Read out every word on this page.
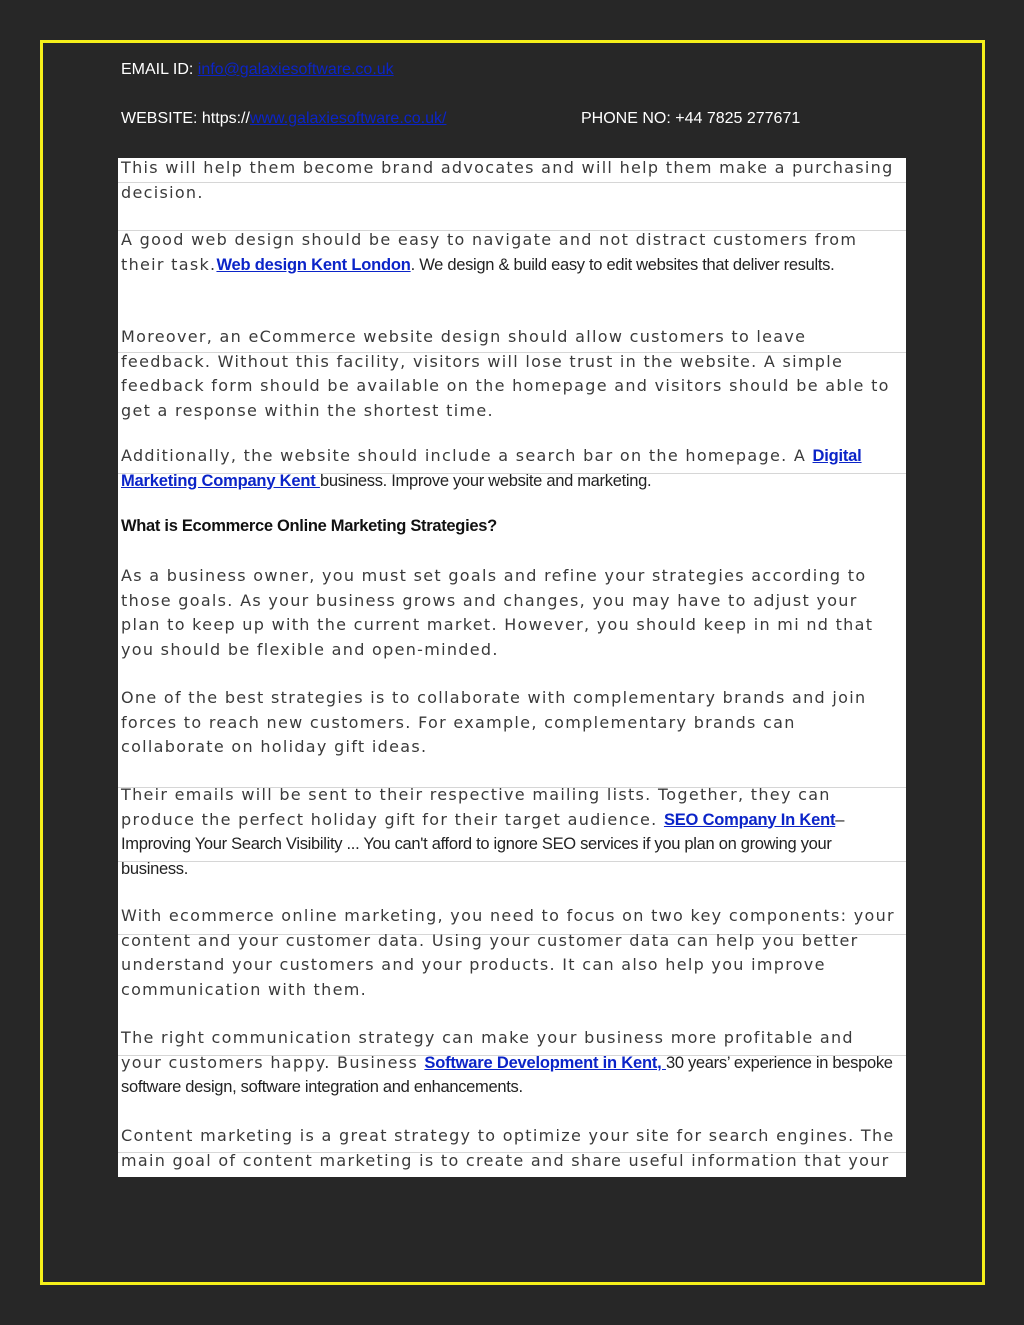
EMAIL ID: info@galaxiesoftware.co.uk
WEBSITE: https://www.galaxiesoftware.co.uk/	PHONE NO: +44 7825 277671

This will help them become brand advocates and will help them make a purchasing decision.

A good web design should be easy to navigate and not distract customers from their task.Web design Kent London. We design & build easy to edit websites that deliver results.

Moreover, an eCommerce website design should allow customers to leave feedback. Without this facility, visitors will lose trust in the website. A simple feedback form should be available on the homepage and visitors should be able to get a response within the shortest time.

Additionally, the website should include a search bar on the homepage. A Digital Marketing Company Kent business. Improve your website and marketing.

What is Ecommerce Online Marketing Strategies?

As a business owner, you must set goals and refine your strategies according to those goals. As your business grows and changes, you may have to adjust your plan to keep up with the current market. However, you should keep in mi nd that you should be flexible and open-minded.

One of the best strategies is to collaborate with complementary brands and join forces to reach new customers. For example, complementary brands can collaborate on holiday gift ideas.

Their emails will be sent to their respective mailing lists. Together, they can produce the perfect holiday gift for their target audience. SEO Company In Kent– Improving Your Search Visibility ... You can't afford to ignore SEO services if you plan on growing your business.

With ecommerce online marketing, you need to focus on two key components: your content and your customer data. Using your customer data can help you better understand your customers and your products. It can also help you improve communication with them.

The right communication strategy can make your business more profitable and your customers happy. Business Software Development in Kent, 30 years’ experience in bespoke software design, software integration and enhancements.

Content marketing is a great strategy to optimize your site for search engines. The main goal of content marketing is to create and share useful information that your
